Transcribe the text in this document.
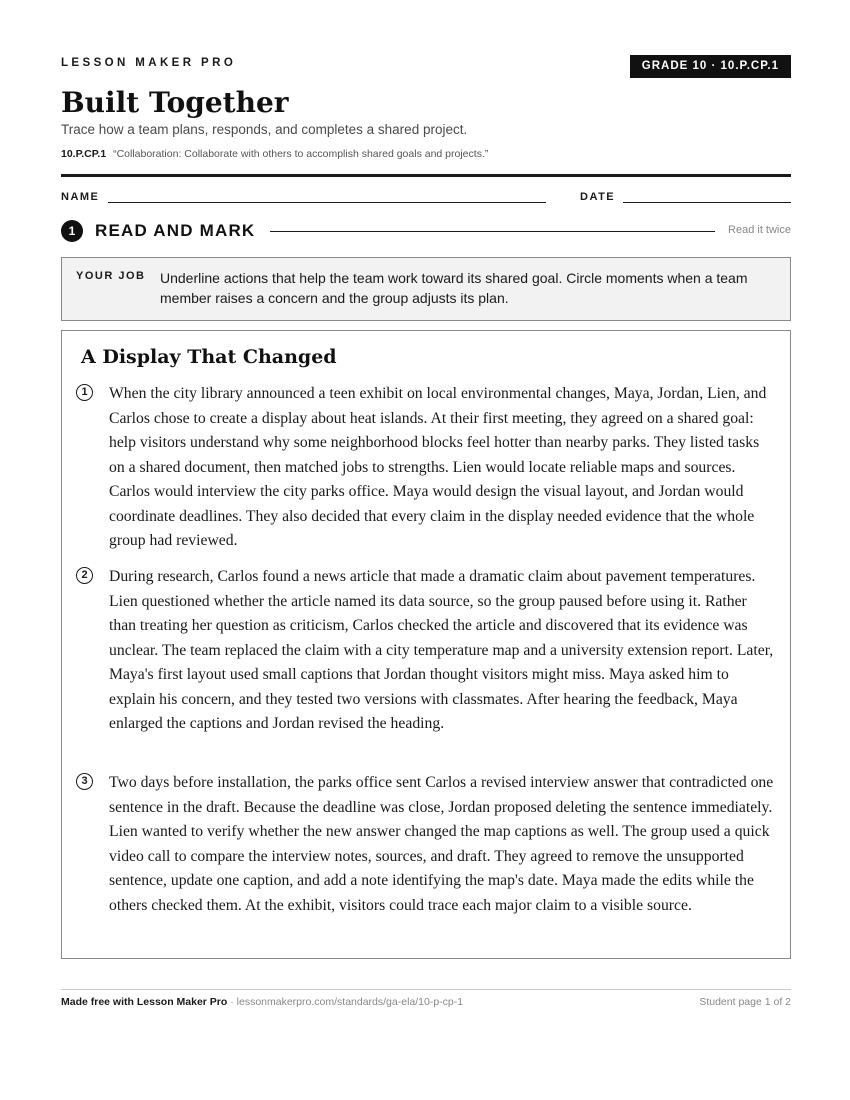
LESSON MAKER PRO	GRADE 10 · 10.P.CP.1
Built Together
Trace how a team plans, responds, and completes a shared project.
10.P.CP.1 “Collaboration: Collaborate with others to accomplish shared goals and projects.”
NAME	DATE
1	READ AND MARK	Read it twice
YOUR JOB Underline actions that help the team work toward its shared goal. Circle moments when a team member raises a concern and the group adjusts its plan.
A Display That Changed
1	When the city library announced a teen exhibit on local environmental changes, Maya, Jordan, Lien, and Carlos chose to create a display about heat islands. At their first meeting, they agreed on a shared goal: help visitors understand why some neighborhood blocks feel hotter than nearby parks. They listed tasks on a shared document, then matched jobs to strengths. Lien would locate reliable maps and sources. Carlos would interview the city parks office. Maya would design the visual layout, and Jordan would coordinate deadlines. They also decided that every claim in the display needed evidence that the whole group had reviewed.

2	During research, Carlos found a news article that made a dramatic claim about pavement temperatures. Lien questioned whether the article named its data source, so the group paused before using it. Rather than treating her question as criticism, Carlos checked the article and discovered that its evidence was unclear. The team replaced the claim with a city temperature map and a university extension report. Later, Maya's first layout used small captions that Jordan thought visitors might miss. Maya asked him to explain his concern, and they tested two versions with classmates. After hearing the feedback, Maya enlarged the captions and Jordan revised the heading.

3	Two days before installation, the parks office sent Carlos a revised interview answer that contradicted one sentence in the draft. Because the deadline was close, Jordan proposed deleting the sentence immediately. Lien wanted to verify whether the new answer changed the map captions as well. The group used a quick video call to compare the interview notes, sources, and draft. They agreed to remove the unsupported sentence, update one caption, and add a note identifying the map's date. Maya made the edits while the others checked them. At the exhibit, visitors could trace each major claim to a visible source.

Made free with Lesson Maker Pro · lessonmakerpro.com/standards/ga-ela/10-p-cp-1	Student page 1 of 2
